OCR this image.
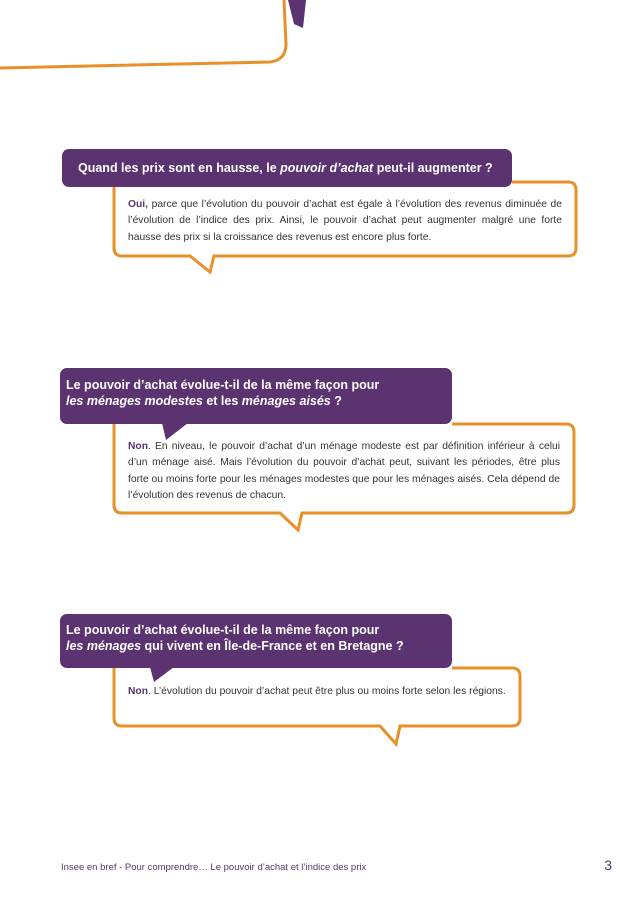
Quand les prix sont en hausse, le pouvoir d’achat peut-il augmenter ?
Oui, parce que l’évolution du pouvoir d’achat est égale à l’évolution des revenus diminuée de l’évolution de l’indice des prix. Ainsi, le pouvoir d’achat peut augmenter malgré une forte hausse des prix si la croissance des revenus est encore plus forte.
Le pouvoir d’achat évolue-t-il de la même façon pour
les ménages modestes et les ménages aisés ?
Non. En niveau, le pouvoir d’achat d’un ménage modeste est par définition inférieur à celui d’un ménage aisé. Mais l’évolution du pouvoir d’achat peut, suivant les périodes, être plus forte ou moins forte pour les ménages modestes que pour les ménages aisés. Cela dépend de l’évolution des revenus de chacun.
Le pouvoir d’achat évolue-t-il de la même façon pour
les ménages qui vivent en Île-de-France et en Bretagne ?
Non. L’évolution du pouvoir d’achat peut être plus ou moins forte selon les régions.
Insee en bref - Pour comprendre… Le pouvoir d’achat et l’indice des prix	3
